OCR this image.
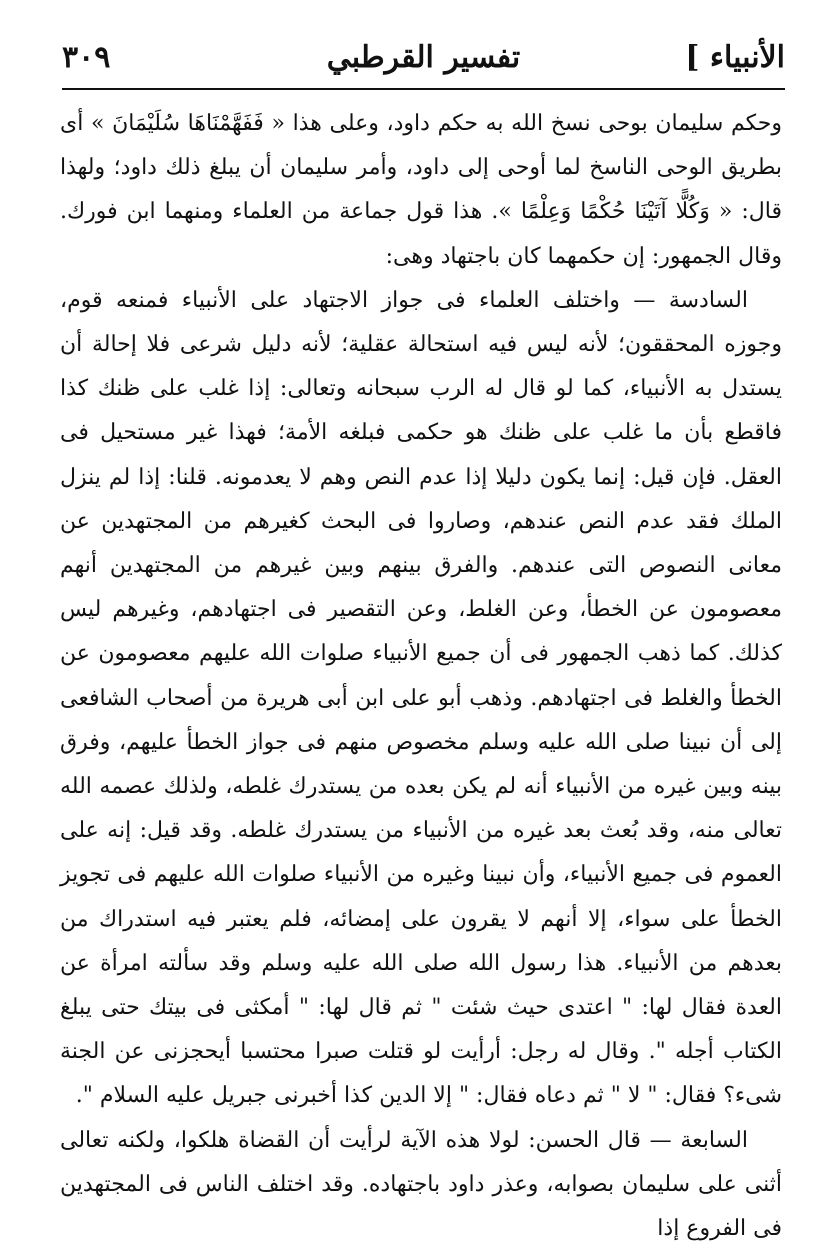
الأنبياء ]
تفسير القرطبي
٣٠٩

وحكم سليمان بوحى نسخ الله به حكم داود، وعلى هذا « فَفَهَّمْنَاهَا سُلَيْمَانَ » أى بطريق الوحى الناسخ لما أوحى إلى داود، وأمر سليمان أن يبلغ ذلك داود؛ ولهذا قال: « وَكُلًّا آتَيْنَا حُكْمًا وَعِلْمًا ». هذا قول جماعة من العلماء ومنهما ابن فورك. وقال الجمهور: إن حكمهما كان باجتهاد وهى:

السادسة — واختلف العلماء فى جواز الاجتهاد على الأنبياء فمنعه قوم، وجوزه المحققون؛ لأنه ليس فيه استحالة عقلية؛ لأنه دليل شرعى فلا إحالة أن يستدل به الأنبياء، كما لو قال له الرب سبحانه وتعالى: إذا غلب على ظنك كذا فاقطع بأن ما غلب على ظنك هو حكمى فبلغه الأمة؛ فهذا غير مستحيل فى العقل. فإن قيل: إنما يكون دليلا إذا عدم النص وهم لا يعدمونه. قلنا: إذا لم ينزل الملك فقد عدم النص عندهم، وصاروا فى البحث كغيرهم من المجتهدين عن معانى النصوص التى عندهم. والفرق بينهم وبين غيرهم من المجتهدين أنهم معصومون عن الخطأ، وعن الغلط، وعن التقصير فى اجتهادهم، وغيرهم ليس كذلك. كما ذهب الجمهور فى أن جميع الأنبياء صلوات الله عليهم معصومون عن الخطأ والغلط فى اجتهادهم. وذهب أبو على ابن أبى هريرة من أصحاب الشافعى إلى أن نبينا صلى الله عليه وسلم مخصوص منهم فى جواز الخطأ عليهم، وفرق بينه وبين غيره من الأنبياء أنه لم يكن بعده من يستدرك غلطه، ولذلك عصمه الله تعالى منه، وقد بُعث بعد غيره من الأنبياء من يستدرك غلطه. وقد قيل: إنه على العموم فى جميع الأنبياء، وأن نبينا وغيره من الأنبياء صلوات الله عليهم فى تجويز الخطأ على سواء، إلا أنهم لا يقرون على إمضائه، فلم يعتبر فيه استدراك من بعدهم من الأنبياء. هذا رسول الله صلى الله عليه وسلم وقد سألته امرأة عن العدة فقال لها: " اعتدى حيث شئت " ثم قال لها: " أمكثى فى بيتك حتى يبلغ الكتاب أجله ". وقال له رجل: أرأيت لو قتلت صبرا محتسبا أيحجزنى عن الجنة شىء؟ فقال: " لا " ثم دعاه فقال: " إلا الدين كذا أخبرنى جبريل عليه السلام ".

السابعة — قال الحسن: لولا هذه الآية لرأيت أن القضاة هلكوا، ولكنه تعالى أثنى على سليمان بصوابه، وعذر داود باجتهاده. وقد اختلف الناس فى المجتهدين فى الفروع إذا
